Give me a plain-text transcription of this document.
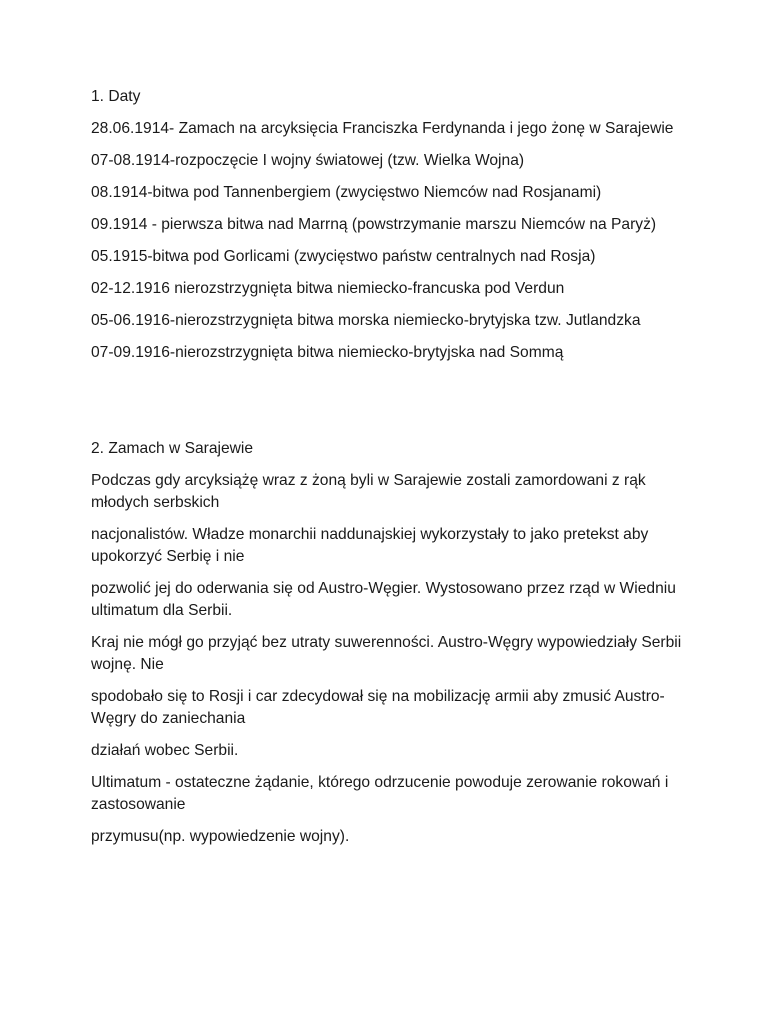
1. Daty

28.06.1914- Zamach na arcyksięcia Franciszka Ferdynanda i jego żonę w Sarajewie

07-08.1914-rozpoczęcie I wojny światowej (tzw. Wielka Wojna)

08.1914-bitwa pod Tannenbergiem (zwycięstwo Niemców nad Rosjanami)

09.1914 - pierwsza bitwa nad Marrną (powstrzymanie marszu Niemców na Paryż)

05.1915-bitwa pod Gorlicami (zwycięstwo państw centralnych nad Rosja)

02-12.1916 nierozstrzygnięta bitwa niemiecko-francuska pod Verdun

05-06.1916-nierozstrzygnięta bitwa morska niemiecko-brytyjska tzw. Jutlandzka

07-09.1916-nierozstrzygnięta bitwa niemiecko-brytyjska nad Sommą

2. Zamach w Sarajewie

Podczas gdy arcyksiążę wraz z żoną byli w Sarajewie zostali zamordowani z rąk młodych serbskich

nacjonalistów. Władze monarchii naddunajskiej wykorzystały to jako pretekst aby upokorzyć Serbię i nie

pozwolić jej do oderwania się od Austro-Węgier. Wystosowano przez rząd w Wiedniu ultimatum dla Serbii.

Kraj nie mógł go przyjąć bez utraty suwerenności. Austro-Węgry wypowiedziały Serbii wojnę. Nie

spodobało się to Rosji i car zdecydował się na mobilizację armii aby zmusić Austro-Węgry do zaniechania

działań wobec Serbii.

Ultimatum - ostateczne żądanie, którego odrzucenie powoduje zerowanie rokowań i zastosowanie

przymusu(np. wypowiedzenie wojny).
